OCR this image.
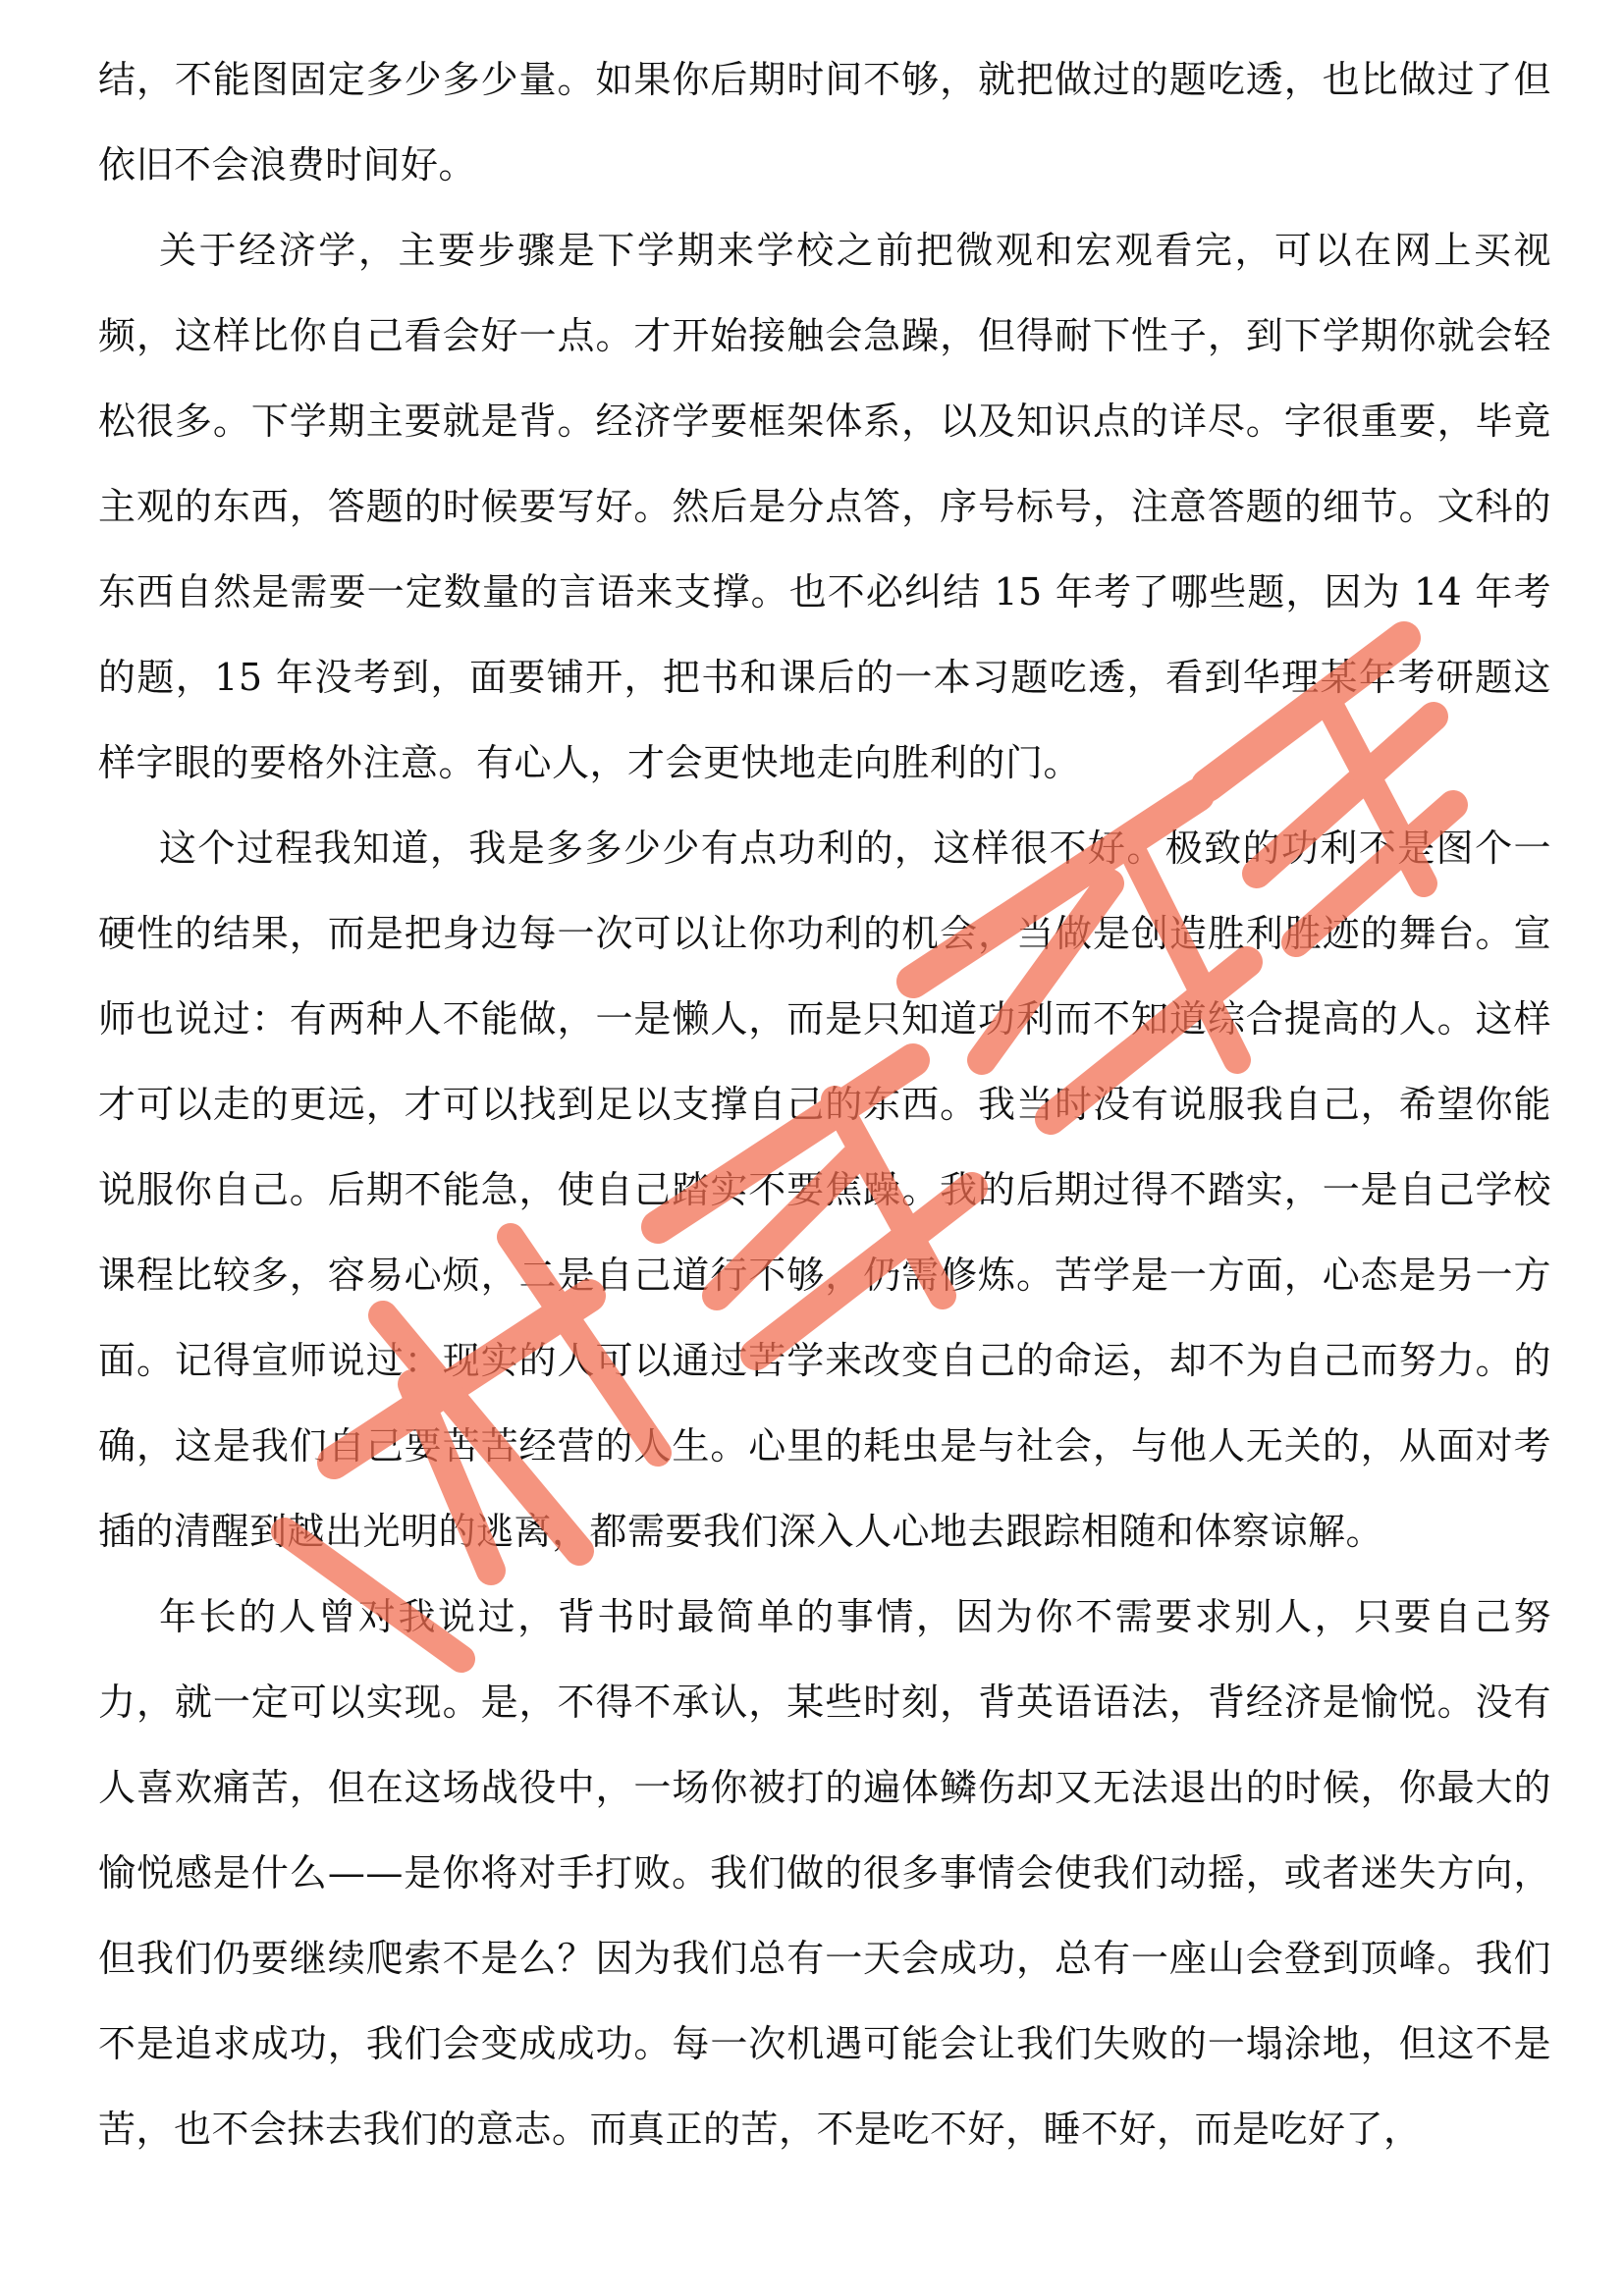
结，不能图固定多少多少量。如果你后期时间不够，就把做过的题吃透，也比做过了但依旧不会浪费时间好。

关于经济学，主要步骤是下学期来学校之前把微观和宏观看完，可以在网上买视频，这样比你自己看会好一点。才开始接触会急躁，但得耐下性子，到下学期你就会轻松很多。下学期主要就是背。经济学要框架体系，以及知识点的详尽。字很重要，毕竟主观的东西，答题的时候要写好。然后是分点答，序号标号，注意答题的细节。文科的东西自然是需要一定数量的言语来支撑。也不必纠结 15 年考了哪些题，因为 14 年考的题，15 年没考到，面要铺开，把书和课后的一本习题吃透，看到华理某年考研题这样字眼的要格外注意。有心人，才会更快地走向胜利的门。

这个过程我知道，我是多多少少有点功利的，这样很不好。极致的功利不是图个一硬性的结果，而是把身边每一次可以让你功利的机会，当做是创造胜利胜迹的舞台。宣师也说过：有两种人不能做，一是懒人，而是只知道功利而不知道综合提高的人。这样才可以走的更远，才可以找到足以支撑自己的东西。我当时没有说服我自己，希望你能说服你自己。后期不能急，使自己踏实不要焦躁。我的后期过得不踏实，一是自己学校课程比较多，容易心烦，二是自己道行不够，仍需修炼。苦学是一方面，心态是另一方面。记得宣师说过：现实的人可以通过苦学来改变自己的命运，却不为自己而努力。的确，这是我们自己要苦苦经营的人生。心里的耗虫是与社会，与他人无关的，从面对考插的清醒到越出光明的逃离，都需要我们深入人心地去跟踪相随和体察谅解。

年长的人曾对我说过，背书时最简单的事情，因为你不需要求别人，只要自己努力，就一定可以实现。是，不得不承认，某些时刻，背英语语法，背经济是愉悦。没有人喜欢痛苦，但在这场战役中，一场你被打的遍体鳞伤却又无法退出的时候，你最大的愉悦感是什么——是你将对手打败。我们做的很多事情会使我们动摇，或者迷失方向，但我们仍要继续爬索不是么？因为我们总有一天会成功，总有一座山会登到顶峰。我们不是追求成功，我们会变成成功。每一次机遇可能会让我们失败的一塌涂地，但这不是苦，也不会抹去我们的意志。而真正的苦，不是吃不好，睡不好，而是吃好了，
